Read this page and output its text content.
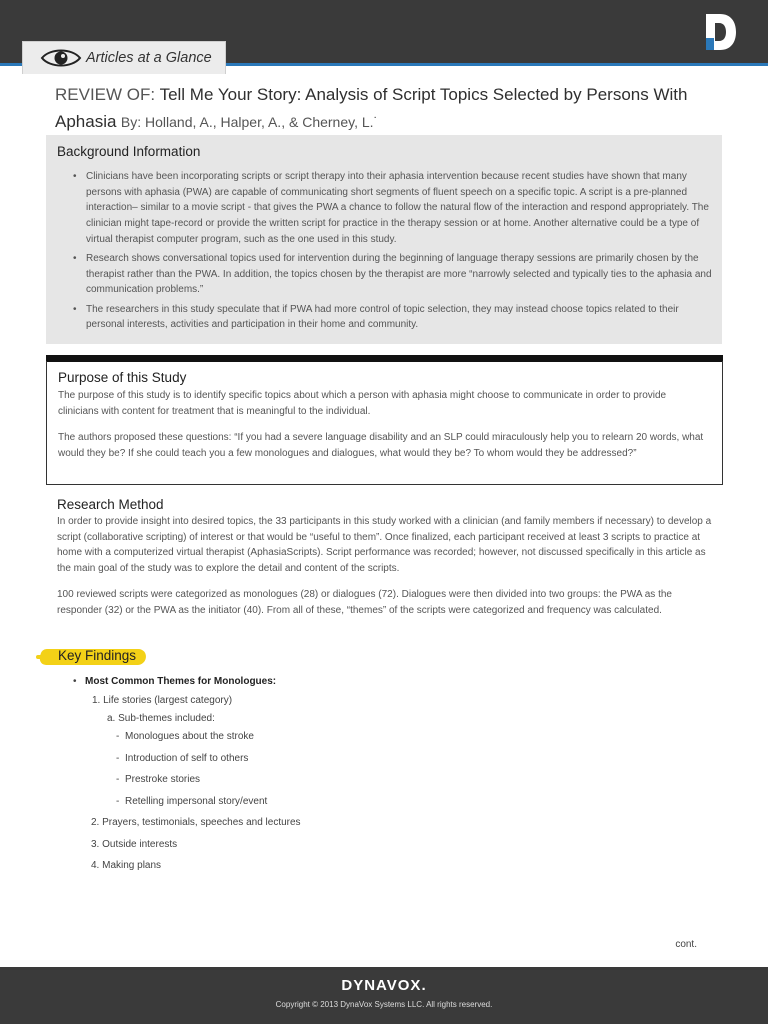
Articles at a Glance
REVIEW OF: Tell Me Your Story: Analysis of Script Topics Selected by Persons With
Aphasia By: Holland, A., Halper, A., & Cherney, L.˙
Background Information
• Clinicians have been incorporating scripts or script therapy into their aphasia intervention because recent studies have shown that many persons with aphasia (PWA) are capable of communicating short segments of fluent speech on a specific topic. A script is a pre-planned interaction– similar to a movie script - that gives the PWA a chance to follow the natural flow of the interaction and respond appropriately. The clinician might tape-record or provide the written script for practice in the therapy session or at home. Another alternative could be a type of virtual therapist computer program, such as the one used in this study.
• Research shows conversational topics used for intervention during the beginning of language therapy sessions are primarily chosen by the therapist rather than the PWA. In addition, the topics chosen by the therapist are more “narrowly selected and typically ties to the aphasia and communication problems.”
• The researchers in this study speculate that if PWA had more control of topic selection, they may instead choose topics related to their personal interests, activities and participation in their home and community.
Purpose of this Study

The purpose of this study is to identify specific topics about which a person with aphasia might choose to communicate in order to provide clinicians with content for treatment that is meaningful to the individual.

The authors proposed these questions: “If you had a severe language disability and an SLP could miraculously help you to relearn 20 words, what would they be? If she could teach you a few monologues and dialogues, what would they be? To whom would they be addressed?”

Research Method

In order to provide insight into desired topics, the 33 participants in this study worked with a clinician (and family members if necessary) to develop a script (collaborative scripting) of interest or that would be “useful to them”. Once finalized, each participant received at least 3 scripts to practice at home with a computerized virtual therapist (AphasiaScripts). Script performance was recorded; however, not discussed specifically in this article as the main goal of the study was to explore the detail and content of the scripts.

100 reviewed scripts were categorized as monologues (28) or dialogues (72). Dialogues were then divided into two groups: the PWA as the responder (32) or the PWA as the initiator (40). From all of these, “themes” of the scripts were categorized and frequency was calculated.

Key Findings
• Most Common Themes for Monologues:
1. Life stories (largest category)
a. Sub-themes included:
- Monologues about the stroke
- Introduction of self to others
- Prestroke stories
- Retelling impersonal story/event
2. Prayers, testimonials, speeches and lectures
3. Outside interests
4. Making plans
cont.
DYNAVOX.
Copyright © 2013 DynaVox Systems LLC. All rights reserved.
